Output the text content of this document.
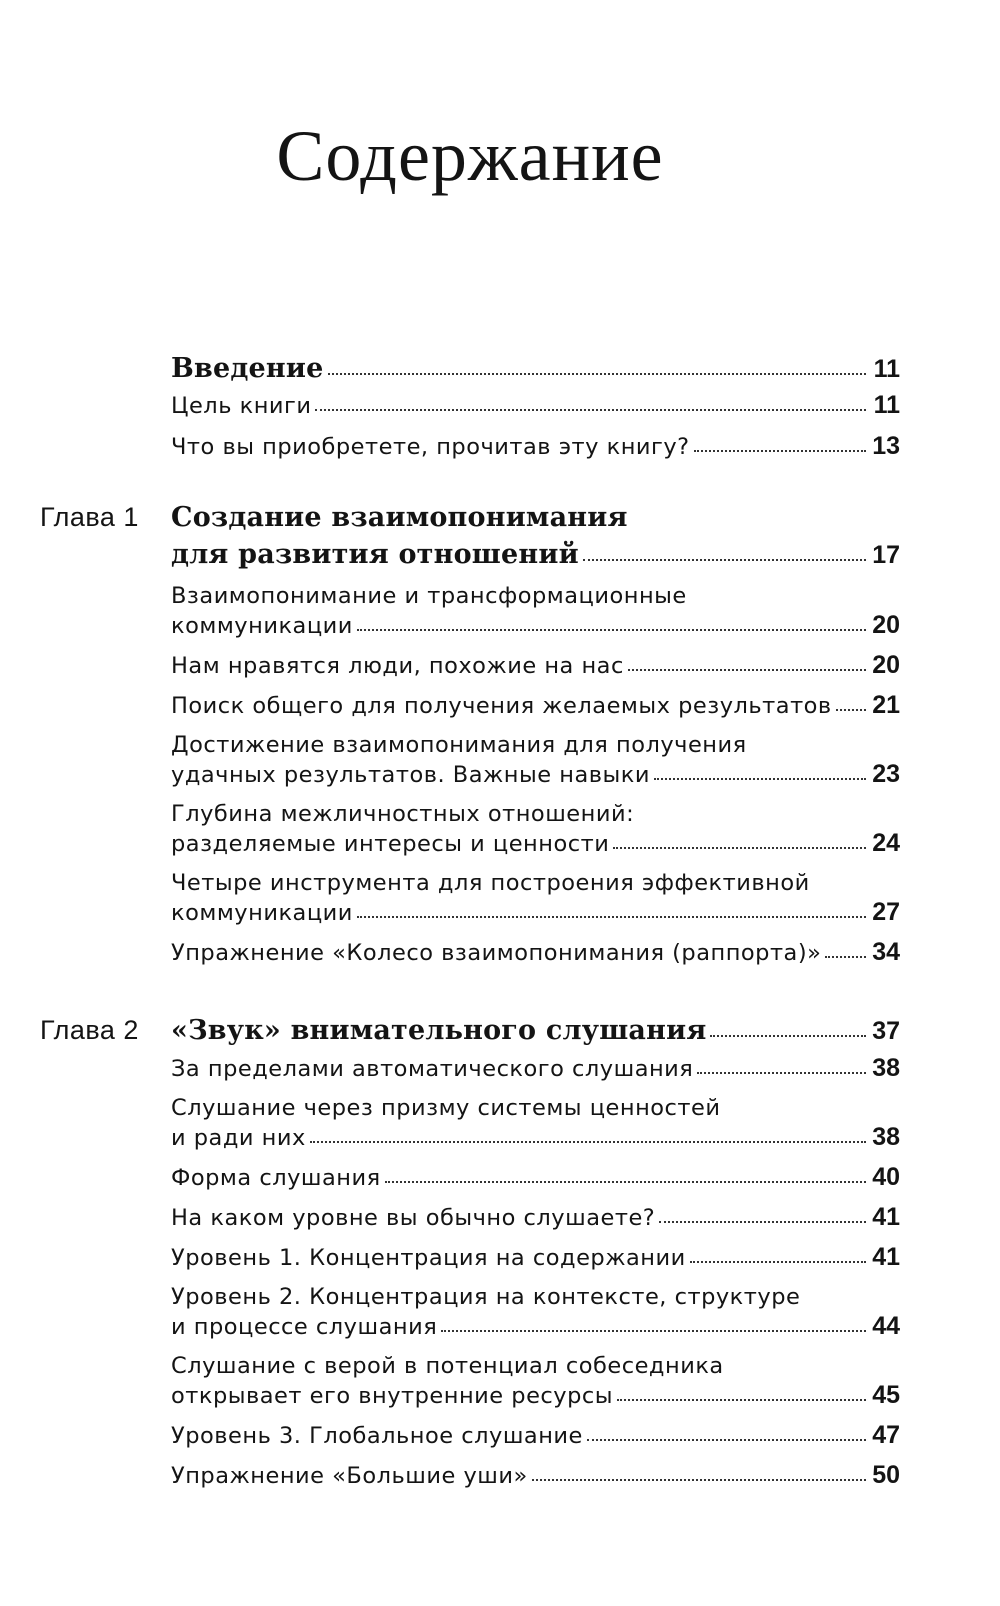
Содержание
Введение	11
Цель книги	11
Что вы приобретете, прочитав эту книгу?	13
Глава 1 Создание взаимопонимания
для развития отношений	17
Взаимопонимание и трансформационные
коммуникации	20
Нам нравятся люди, похожие на нас	20
Поиск общего для получения желаемых результатов 21
Достижение взаимопонимания для получения
удачных результатов. Важные навыки	23
Глубина межличностных отношений:
разделяемые интересы и ценности	24
Четыре инструмента для построения эффективной
коммуникации	27
Упражнение «Колесо взаимопонимания (раппорта)» 34
Глава 2 «Звук» внимательного слушания	37
За пределами автоматического слушания	38
Слушание через призму системы ценностей
и ради них	38
Форма слушания	40
На каком уровне вы обычно слушаете?	41
Уровень 1. Концентрация на содержании	41
Уровень 2. Концентрация на контексте, структуре
и процессе слушания	44
Слушание с верой в потенциал собеседника
открывает его внутренние ресурсы	45
Уровень 3. Глобальное слушание	47
Упражнение «Большие уши»	50
